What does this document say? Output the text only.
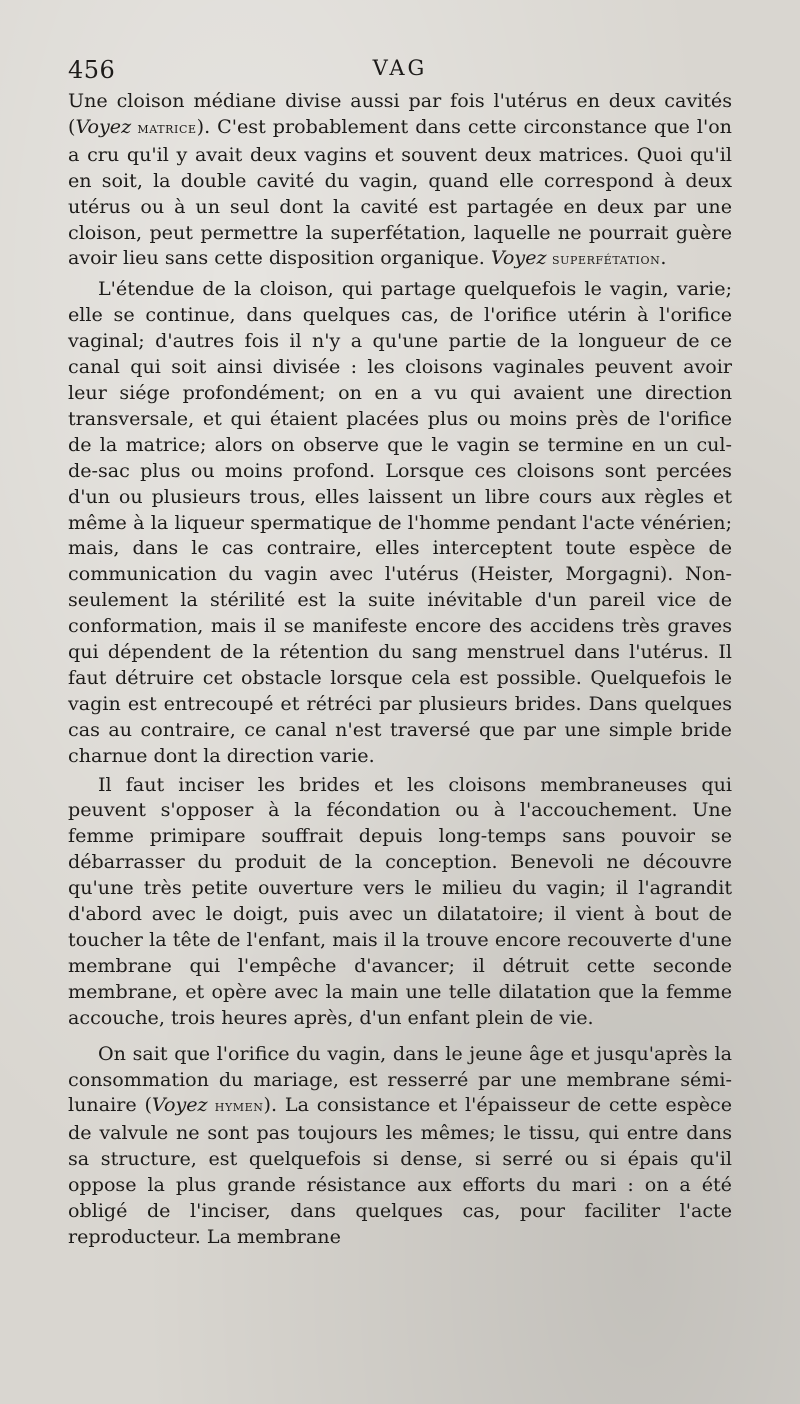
456	VAG

Une cloison médiane divise aussi par fois l'utérus en deux cavités (Voyez matrice). C'est probablement dans cette circonstance que l'on a cru qu'il y avait deux vagins et souvent deux matrices. Quoi qu'il en soit, la double cavité du vagin, quand elle correspond à deux utérus ou à un seul dont la cavité est partagée en deux par une cloison, peut permettre la superfétation, laquelle ne pourrait guère avoir lieu sans cette disposition organique. Voyez superfétation.

L'étendue de la cloison, qui partage quelquefois le vagin, varie; elle se continue, dans quelques cas, de l'orifice utérin à l'orifice vaginal; d'autres fois il n'y a qu'une partie de la longueur de ce canal qui soit ainsi divisée : les cloisons vaginales peuvent avoir leur siége profondément; on en a vu qui avaient une direction transversale, et qui étaient placées plus ou moins près de l'orifice de la matrice; alors on observe que le vagin se termine en un cul-de-sac plus ou moins profond. Lorsque ces cloisons sont percées d'un ou plusieurs trous, elles laissent un libre cours aux règles et même à la liqueur spermatique de l'homme pendant l'acte vénérien; mais, dans le cas contraire, elles interceptent toute espèce de communication du vagin avec l'utérus (Heister, Morgagni). Non-seulement la stérilité est la suite inévitable d'un pareil vice de conformation, mais il se manifeste encore des accidens très graves qui dépendent de la rétention du sang menstruel dans l'utérus. Il faut détruire cet obstacle lorsque cela est possible. Quelquefois le vagin est entrecoupé et rétréci par plusieurs brides. Dans quelques cas au contraire, ce canal n'est traversé que par une simple bride charnue dont la direction varie.

Il faut inciser les brides et les cloisons membraneuses qui peuvent s'opposer à la fécondation ou à l'accouchement. Une femme primipare souffrait depuis long-temps sans pouvoir se débarrasser du produit de la conception. Benevoli ne découvre qu'une très petite ouverture vers le milieu du vagin; il l'agrandit d'abord avec le doigt, puis avec un dilatatoire; il vient à bout de toucher la tête de l'enfant, mais il la trouve encore recouverte d'une membrane qui l'empêche d'avancer; il détruit cette seconde membrane, et opère avec la main une telle dilatation que la femme accouche, trois heures après, d'un enfant plein de vie.

On sait que l'orifice du vagin, dans le jeune âge et jusqu'après la consommation du mariage, est resserré par une membrane sémi-lunaire (Voyez hymen). La consistance et l'épaisseur de cette espèce de valvule ne sont pas toujours les mêmes; le tissu, qui entre dans sa structure, est quelquefois si dense, si serré ou si épais qu'il oppose la plus grande résistance aux efforts du mari : on a été obligé de l'inciser, dans quelques cas, pour faciliter l'acte reproducteur. La membrane
